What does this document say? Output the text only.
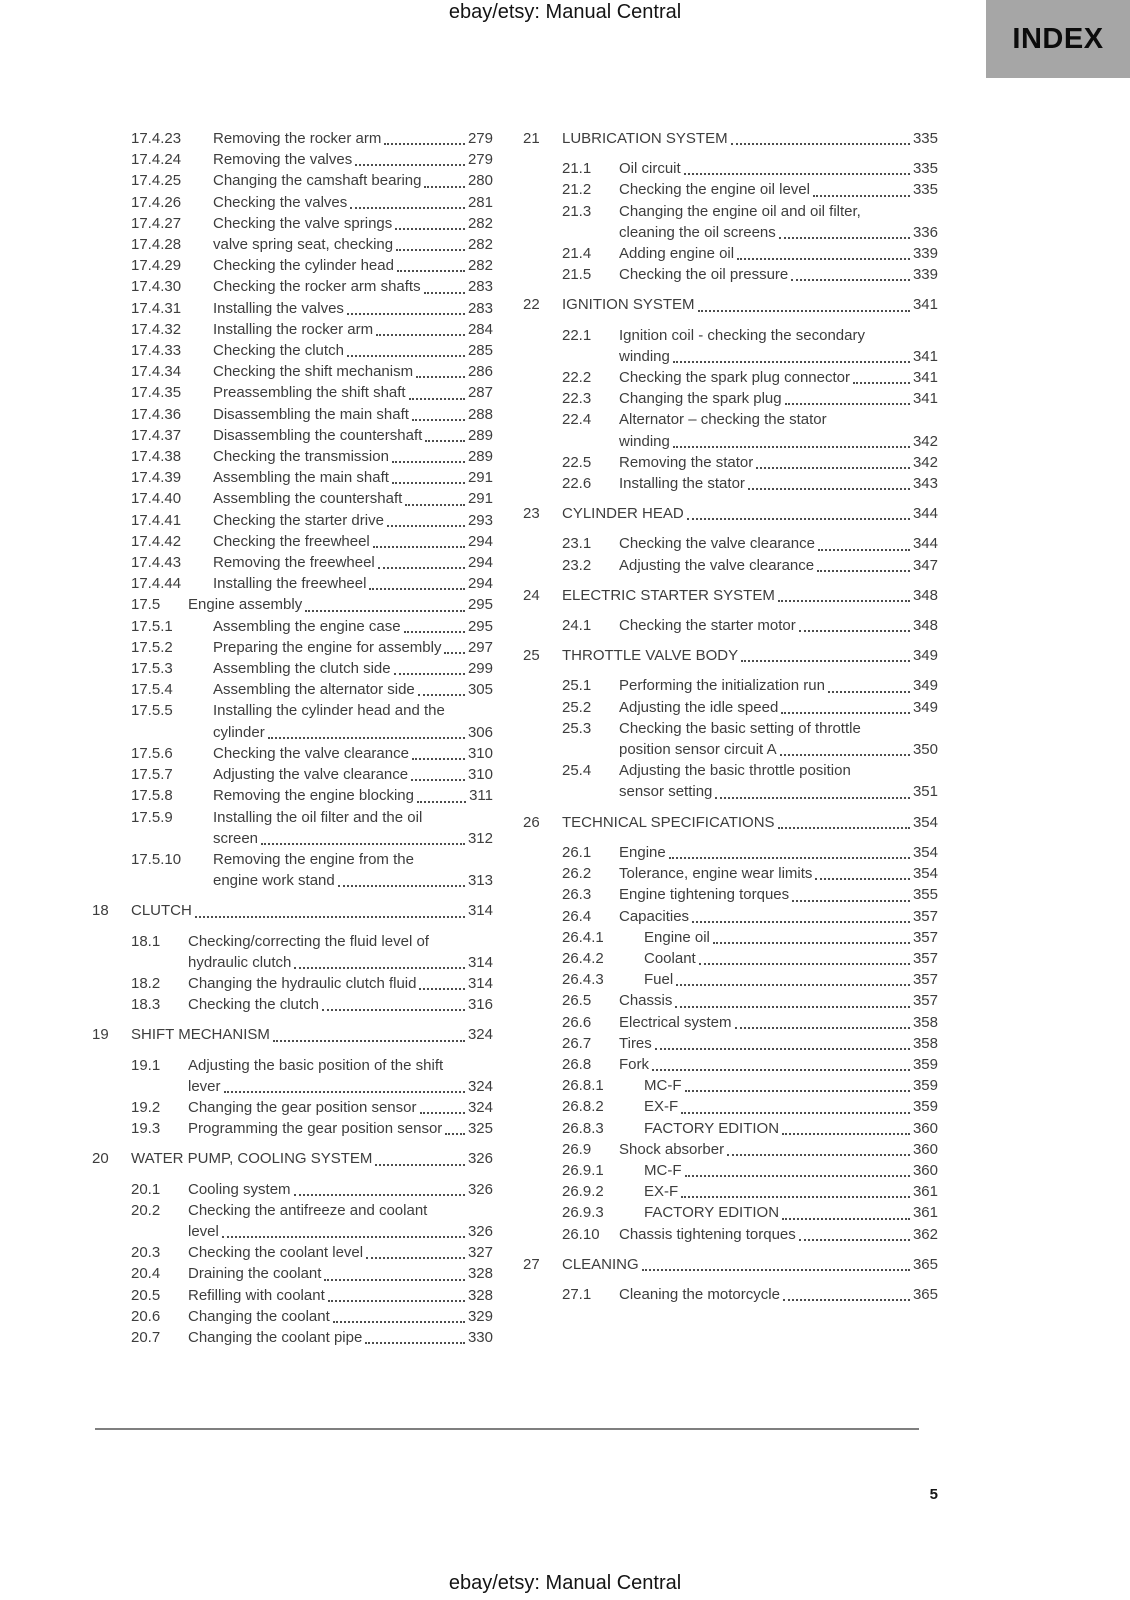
ebay/etsy: Manual Central
INDEX
17.4.23	Removing the rocker arm	279
17.4.24	Removing the valves	279
17.4.25	Changing the camshaft bearing	280
17.4.26	Checking the valves	281
17.4.27	Checking the valve springs	282
17.4.28	valve spring seat, checking	282
17.4.29	Checking the cylinder head	282
17.4.30	Checking the rocker arm shafts	283
17.4.31	Installing the valves	283
17.4.32	Installing the rocker arm	284
17.4.33	Checking the clutch	285
17.4.34	Checking the shift mechanism	286
17.4.35	Preassembling the shift shaft	287
17.4.36	Disassembling the main shaft	288
17.4.37	Disassembling the countershaft	289
17.4.38	Checking the transmission	289
17.4.39	Assembling the main shaft	291
17.4.40	Assembling the countershaft	291
17.4.41	Checking the starter drive	293
17.4.42	Checking the freewheel	294
17.4.43	Removing the freewheel	294
17.4.44	Installing the freewheel	294
17.5	Engine assembly	295
17.5.1	Assembling the engine case	295
17.5.2	Preparing the engine for assembly 297
17.5.3	Assembling the clutch side	299
17.5.4	Assembling the alternator side	305
17.5.5	Installing the cylinder head and the
cylinder	306
17.5.6	Checking the valve clearance	310
17.5.7	Adjusting the valve clearance	310
17.5.8	Removing the engine blocking	311
17.5.9	Installing the oil filter and the oil
screen	312
17.5.10	Removing the engine from the
engine work stand	313
18	CLUTCH	314
18.1	Checking/correcting the fluid level of
hydraulic clutch	314
18.2	Changing the hydraulic clutch fluid	314
18.3	Checking the clutch	316
19	SHIFT MECHANISM	324
19.1	Adjusting the basic position of the shift
lever	324
19.2	Changing the gear position sensor	324
19.3	Programming the gear position sensor 325
20	WATER PUMP, COOLING SYSTEM	326
20.1	Cooling system	326
20.2	Checking the antifreeze and coolant
level	326
20.3	Checking the coolant level	327
20.4	Draining the coolant	328
20.5	Refilling with coolant	328
20.6	Changing the coolant	329
20.7	Changing the coolant pipe	330
21	LUBRICATION SYSTEM	335
21.1	Oil circuit	335
21.2	Checking the engine oil level	335
21.3	Changing the engine oil and oil filter,
cleaning the oil screens	336
21.4	Adding engine oil	339
21.5	Checking the oil pressure	339
22	IGNITION SYSTEM	341
22.1	Ignition coil - checking the secondary
winding	341
22.2	Checking the spark plug connector	341
22.3	Changing the spark plug	341
22.4	Alternator – checking the stator
winding	342
22.5	Removing the stator	342
22.6	Installing the stator	343
23	CYLINDER HEAD	344
23.1	Checking the valve clearance	344
23.2	Adjusting the valve clearance	347
24	ELECTRIC STARTER SYSTEM	348
24.1	Checking the starter motor	348
25	THROTTLE VALVE BODY	349
25.1	Performing the initialization run	349
25.2	Adjusting the idle speed	349
25.3	Checking the basic setting of throttle
position sensor circuit A	350
25.4	Adjusting the basic throttle position
sensor setting	351
26	TECHNICAL SPECIFICATIONS	354
26.1	Engine	354
26.2	Tolerance, engine wear limits	354
26.3	Engine tightening torques	355
26.4	Capacities	357
26.4.1	Engine oil	357
26.4.2	Coolant	357
26.4.3	Fuel	357
26.5	Chassis	357
26.6	Electrical system	358
26.7	Tires	358
26.8	Fork	359
26.8.1	MC-F	359
26.8.2	EX-F	359
26.8.3	FACTORY EDITION	360
26.9	Shock absorber	360
26.9.1	MC-F	360
26.9.2	EX-F	361
26.9.3	FACTORY EDITION	361
26.10	Chassis tightening torques	362
27	CLEANING	365
27.1	Cleaning the motorcycle	365
5
ebay/etsy: Manual Central
